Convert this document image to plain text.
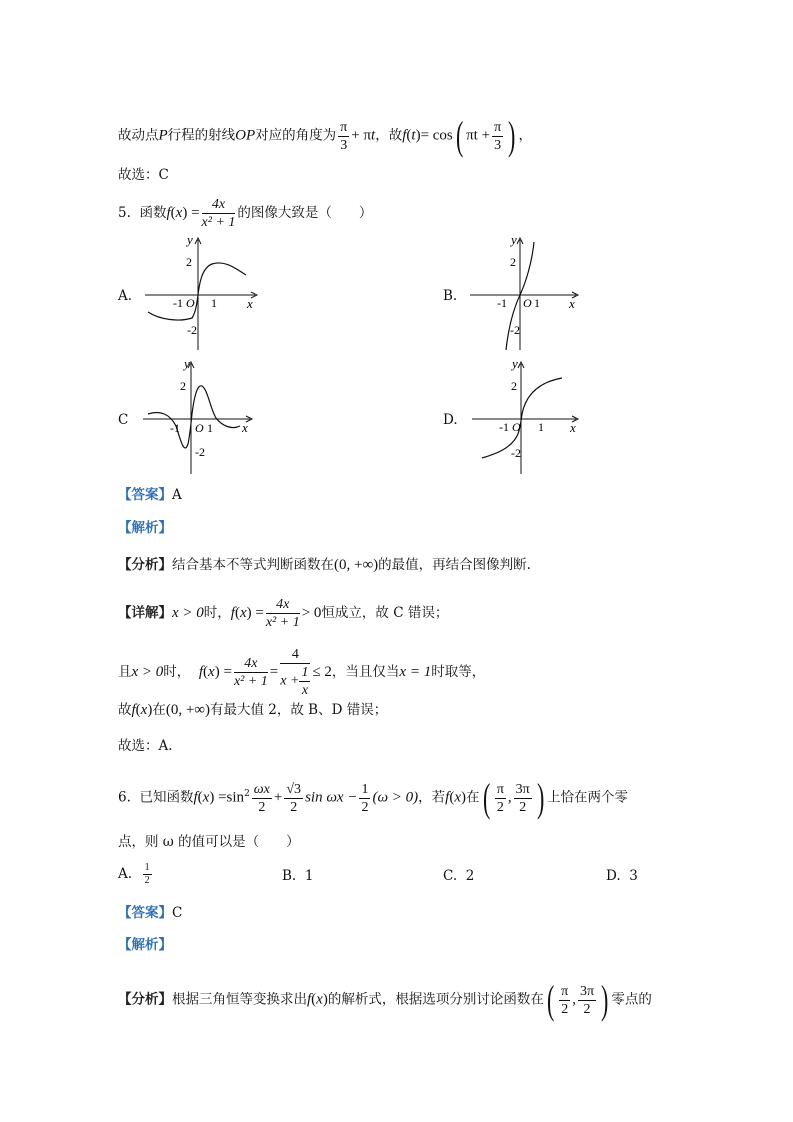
故动点P行程的射线OP对应的角度为 $\frac{\pi}{3} + \pi t$，故f(t)= cos( $\pi t + \frac{\pi}{3}$ ) ，
故选：C
5. 函数$f(x) = \frac{4x}{\text{x² + 1}}$ 的图像大致是（　　）
A.
y
x
2
-2
-1 O 1	B.
y
x
2
-2
-1 O 1
C
y
x
2
-2
-1 O 1	D.
y
x
2
-2
-1 O 1
【答案】A
【解析】
【分析】结合基本不等式判断函数在(0, +∞)的最值，再结合图像判断.
【详解】x > 0时，$f(x) = \frac{4x}{\text{x² + 1}} > 0$恒成立，故 C 错误；
且x > 0时， $f(x) = \frac{4x}{\text{x² + 1}} = \frac{4}{x + \frac{1}{x}} \le 2$，当且仅当x = 1时取等，
故f(x)在(0, +∞)有最大值 2，故 B、D 错误；
故选：A.
6. 已知函数$f(x) =\sin^2 \frac{\omega x}{2} + \frac{√3}{2}$ $\sin \omega x - \frac{1}{2} (\omega > 0)$，若f(x)在( $\frac{\pi}{2}$ , $\frac{3\pi}{2}$ ) 上恰在两个零
点，则 ω 的值可以是（　　）
A. $\frac{1}{2}$	B. 1	C. 2	D. 3
【答案】C
【解析】
【分析】根据三角恒等变换求出f(x)的解析式，根据选项分别讨论函数在( $\frac{\pi}{2}$ , $\frac{3\pi}{2}$ ) 零点的
